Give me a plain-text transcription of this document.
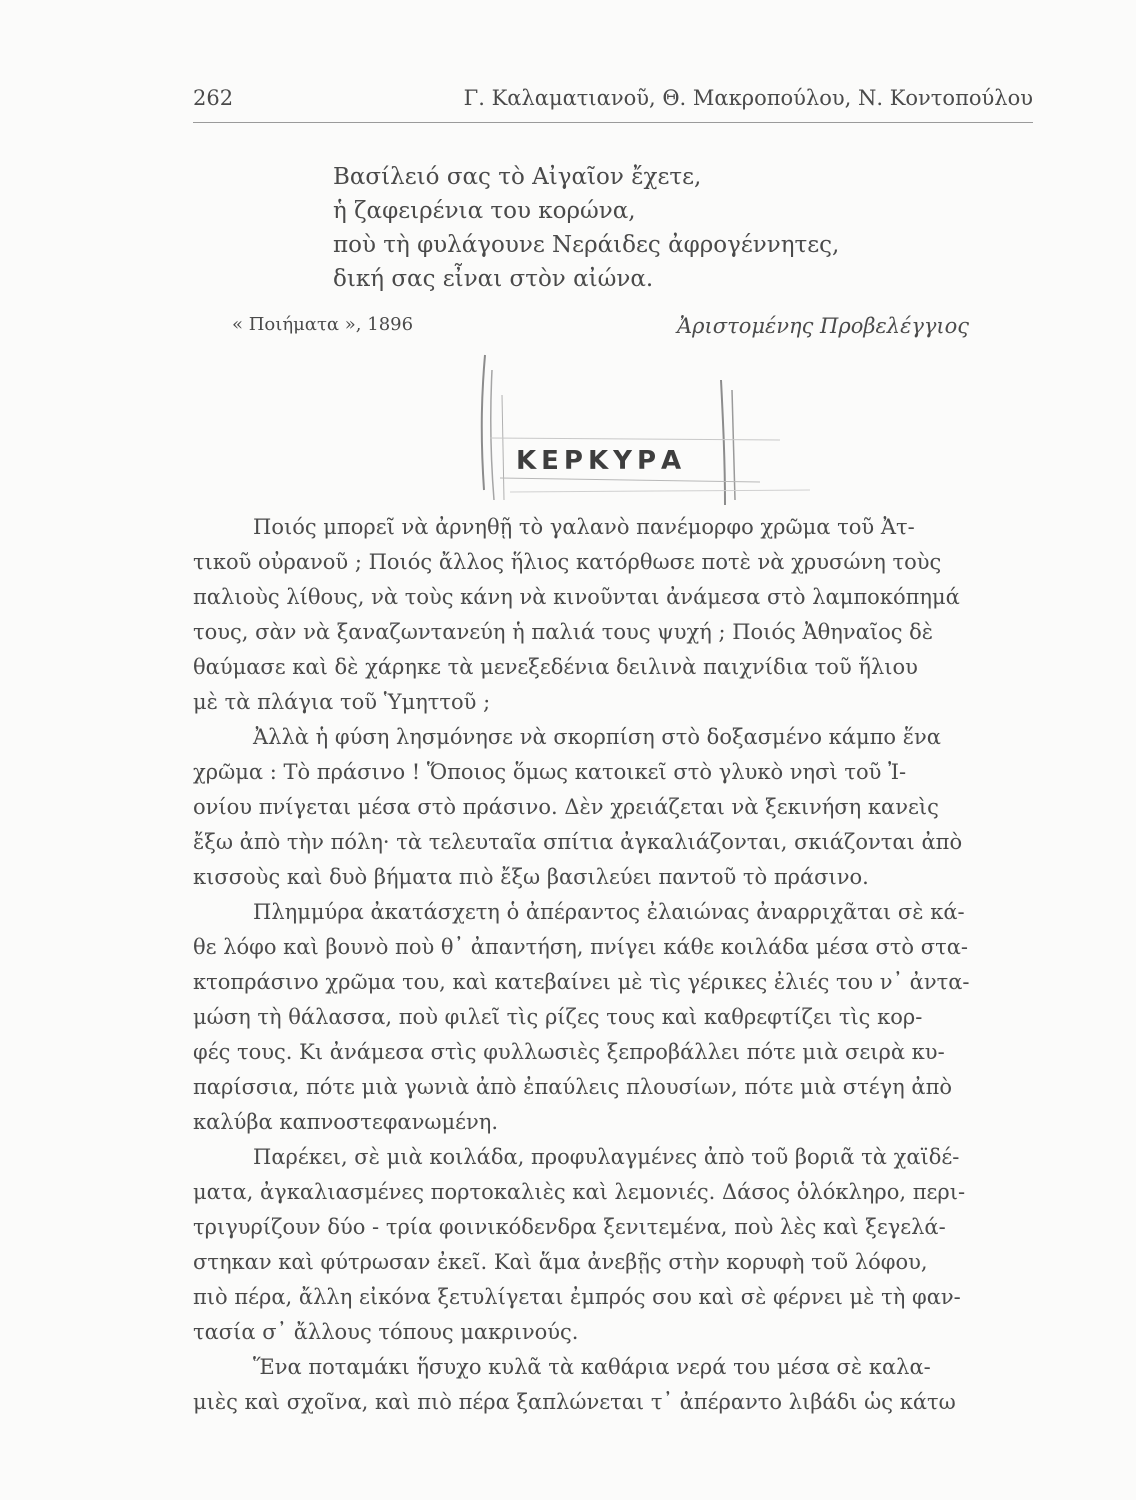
262	Γ. Καλαματιανοῦ, Θ. Μακροπούλου, Ν. Κοντοπούλου
Βασίλειό σας τὸ Αἰγαῖον ἔχετε,
ἡ ζαφειρένια του κορώνα,
ποὺ τὴ φυλάγουνε Νεράιδες ἀφρογέννητες,
δική σας εἶναι στὸν αἰώνα.
« Ποιήματα », 1896	Ἀριστομένης Προβελέγγιος
ΚΕΡΚΥΡΑ

Ποιός μπορεῖ νὰ ἀρνηθῇ τὸ γαλανὸ πανέμορφο χρῶμα τοῦ Ἀτ-
τικοῦ οὐρανοῦ ; Ποιός ἄλλος ἥλιος κατόρθωσε ποτὲ νὰ χρυσώνη τοὺς
παλιοὺς λίθους, νὰ τοὺς κάνη νὰ κινοῦνται ἀνάμεσα στὸ λαμποκόπημά
τους, σὰν νὰ ξαναζωντανεύη ἡ παλιά τους ψυχή ; Ποιός Ἀθηναῖος δὲ
θαύμασε καὶ δὲ χάρηκε τὰ μενεξεδένια δειλινὰ παιχνίδια τοῦ ἥλιου
μὲ τὰ πλάγια τοῦ Ὑμηττοῦ ;

Ἀλλὰ ἡ φύση λησμόνησε νὰ σκορπίση στὸ δοξασμένο κάμπο ἕνα
χρῶμα : Τὸ πράσινο ! Ὅποιος ὅμως κατοικεῖ στὸ γλυκὸ νησὶ τοῦ Ἰ-
ονίου πνίγεται μέσα στὸ πράσινο. Δὲν χρειάζεται νὰ ξεκινήση κανεὶς
ἔξω ἀπὸ τὴν πόλη· τὰ τελευταῖα σπίτια ἀγκαλιάζονται, σκιάζονται ἀπὸ
κισσοὺς καὶ δυὸ βήματα πιὸ ἔξω βασιλεύει παντοῦ τὸ πράσινο.

Πλημμύρα ἀκατάσχετη ὁ ἀπέραντος ἐλαιώνας ἀναρριχᾶται σὲ κά-
θε λόφο καὶ βουνὸ ποὺ θ᾿ ἀπαντήση, πνίγει κάθε κοιλάδα μέσα στὸ στα-
κτοπράσινο χρῶμα του, καὶ κατεβαίνει μὲ τὶς γέρικες ἐλιές του ν᾿ ἀντα-
μώση τὴ θάλασσα, ποὺ φιλεῖ τὶς ρίζες τους καὶ καθρεφτίζει τὶς κορ-
φές τους. Κι ἀνάμεσα στὶς φυλλωσιὲς ξεπροβάλλει πότε μιὰ σειρὰ κυ-
παρίσσια, πότε μιὰ γωνιὰ ἀπὸ ἐπαύλεις πλουσίων, πότε μιὰ στέγη ἀπὸ
καλύβα καπνοστεφανωμένη.

Παρέκει, σὲ μιὰ κοιλάδα, προφυλαγμένες ἀπὸ τοῦ βοριᾶ τὰ χαϊδέ-
ματα, ἀγκαλιασμένες πορτοκαλιὲς καὶ λεμονιές. Δάσος ὁλόκληρο, περι-
τριγυρίζουν δύο - τρία φοινικόδενδρα ξενιτεμένα, ποὺ λὲς καὶ ξεγελά-
στηκαν καὶ φύτρωσαν ἐκεῖ. Καὶ ἅμα ἀνεβῇς στὴν κορυφὴ τοῦ λόφου,
πιὸ πέρα, ἄλλη εἰκόνα ξετυλίγεται ἐμπρός σου καὶ σὲ φέρνει μὲ τὴ φαν-
τασία σ᾿ ἄλλους τόπους μακρινούς.

Ἕνα ποταμάκι ἥσυχο κυλᾶ τὰ καθάρια νερά του μέσα σὲ καλα-
μιὲς καὶ σχοῖνα, καὶ πιὸ πέρα ξαπλώνεται τ᾿ ἀπέραντο λιβάδι ὡς κάτω
